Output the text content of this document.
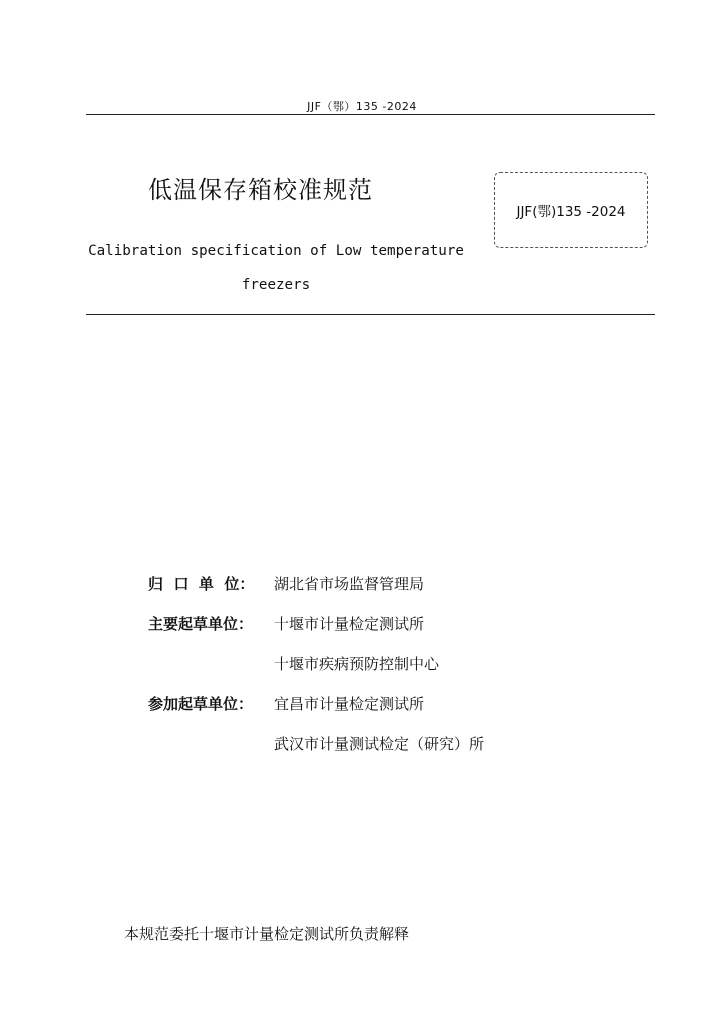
JJF（鄂）135 -2024
低温保存箱校准规范
Calibration specification of Low temperature freezers
JJF(鄂)135 -2024
归  口  单  位： 湖北省市场监督管理局
主要起草单位： 十堰市计量检定测试所
十堰市疾病预防控制中心
参加起草单位： 宜昌市计量检定测试所
武汉市计量测试检定（研究）所
本规范委托十堰市计量检定测试所负责解释
